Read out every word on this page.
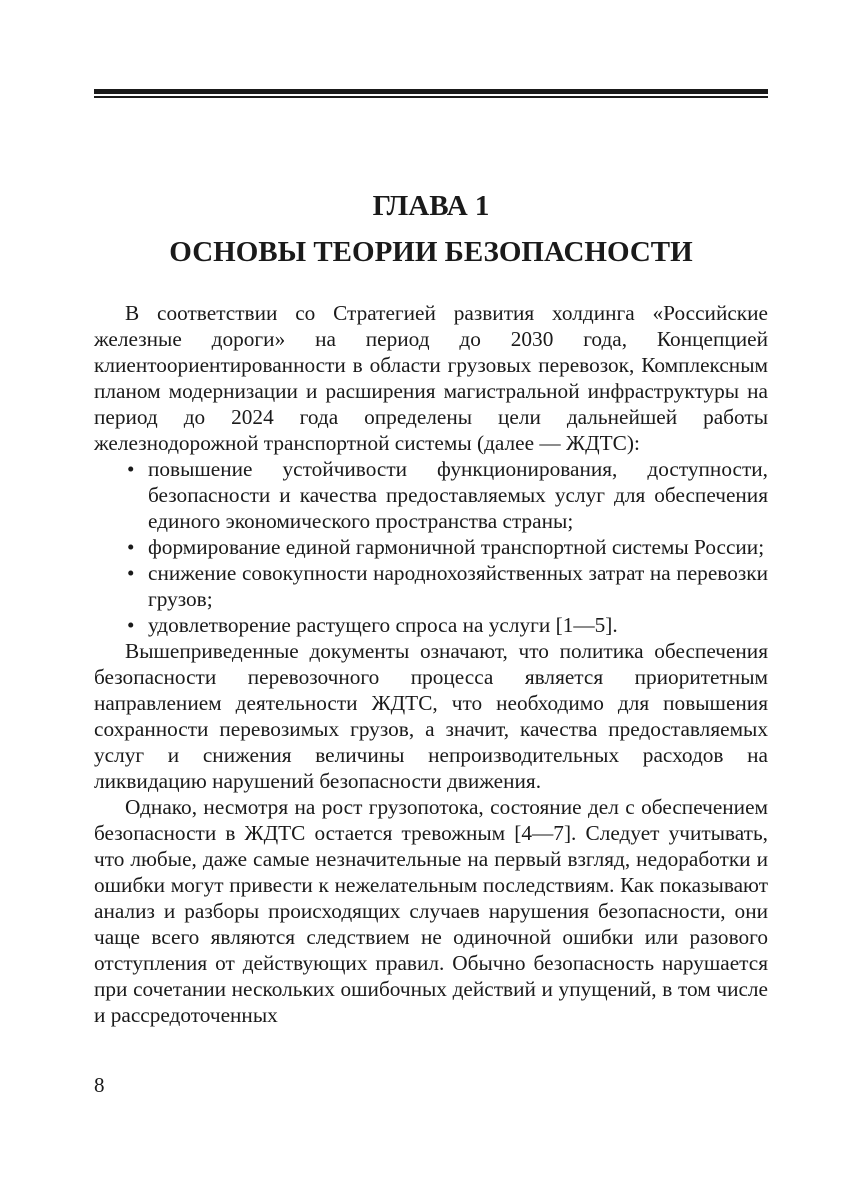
ГЛАВА 1
ОСНОВЫ ТЕОРИИ БЕЗОПАСНОСТИ

В соответствии со Стратегией развития холдинга «Российские железные дороги» на период до 2030 года, Концепцией клиентоориентированности в области грузовых перевозок, Комплексным планом модернизации и расширения магистральной инфраструктуры на период до 2024 года определены цели дальнейшей работы железнодорожной транспортной системы (далее — ЖДТС):

• повышение устойчивости функционирования, доступности, безопасности и качества предоставляемых услуг для обеспечения единого экономического пространства страны;
• формирование единой гармоничной транспортной системы России;
• снижение совокупности народнохозяйственных затрат на перевозки грузов;
• удовлетворение растущего спроса на услуги [1—5].

Вышеприведенные документы означают, что политика обеспечения безопасности перевозочного процесса является приоритетным направлением деятельности ЖДТС, что необходимо для повышения сохранности перевозимых грузов, а значит, качества предоставляемых услуг и снижения величины непроизводительных расходов на ликвидацию нарушений безопасности движения.

Однако, несмотря на рост грузопотока, состояние дел с обеспечением безопасности в ЖДТС остается тревожным [4—7]. Следует учитывать, что любые, даже самые незначительные на первый взгляд, недоработки и ошибки могут привести к нежелательным последствиям. Как показывают анализ и разборы происходящих случаев нарушения безопасности, они чаще всего являются следствием не одиночной ошибки или разового отступления от действующих правил. Обычно безопасность нарушается при сочетании нескольких ошибочных действий и упущений, в том числе и рассредоточенных

8
